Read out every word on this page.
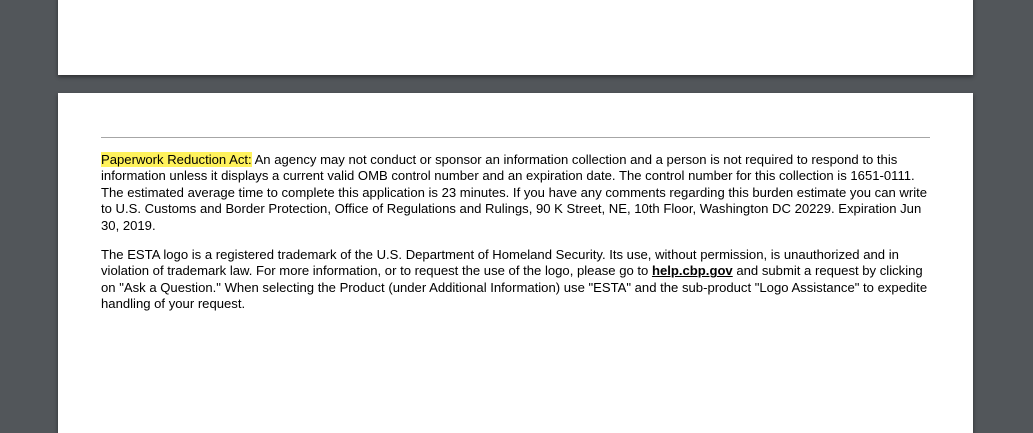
Paperwork Reduction Act: An agency may not conduct or sponsor an information collection and a person is not required to respond to this information unless it displays a current valid OMB control number and an expiration date. The control number for this collection is 1651-0111. The estimated average time to complete this application is 23 minutes. If you have any comments regarding this burden estimate you can write to U.S. Customs and Border Protection, Office of Regulations and Rulings, 90 K Street, NE, 10th Floor, Washington DC 20229. Expiration Jun 30, 2019.

The ESTA logo is a registered trademark of the U.S. Department of Homeland Security. Its use, without permission, is unauthorized and in violation of trademark law. For more information, or to request the use of the logo, please go to help.cbp.gov and submit a request by clicking on "Ask a Question." When selecting the Product (under Additional Information) use "ESTA" and the sub-product "Logo Assistance" to expedite handling of your request.
